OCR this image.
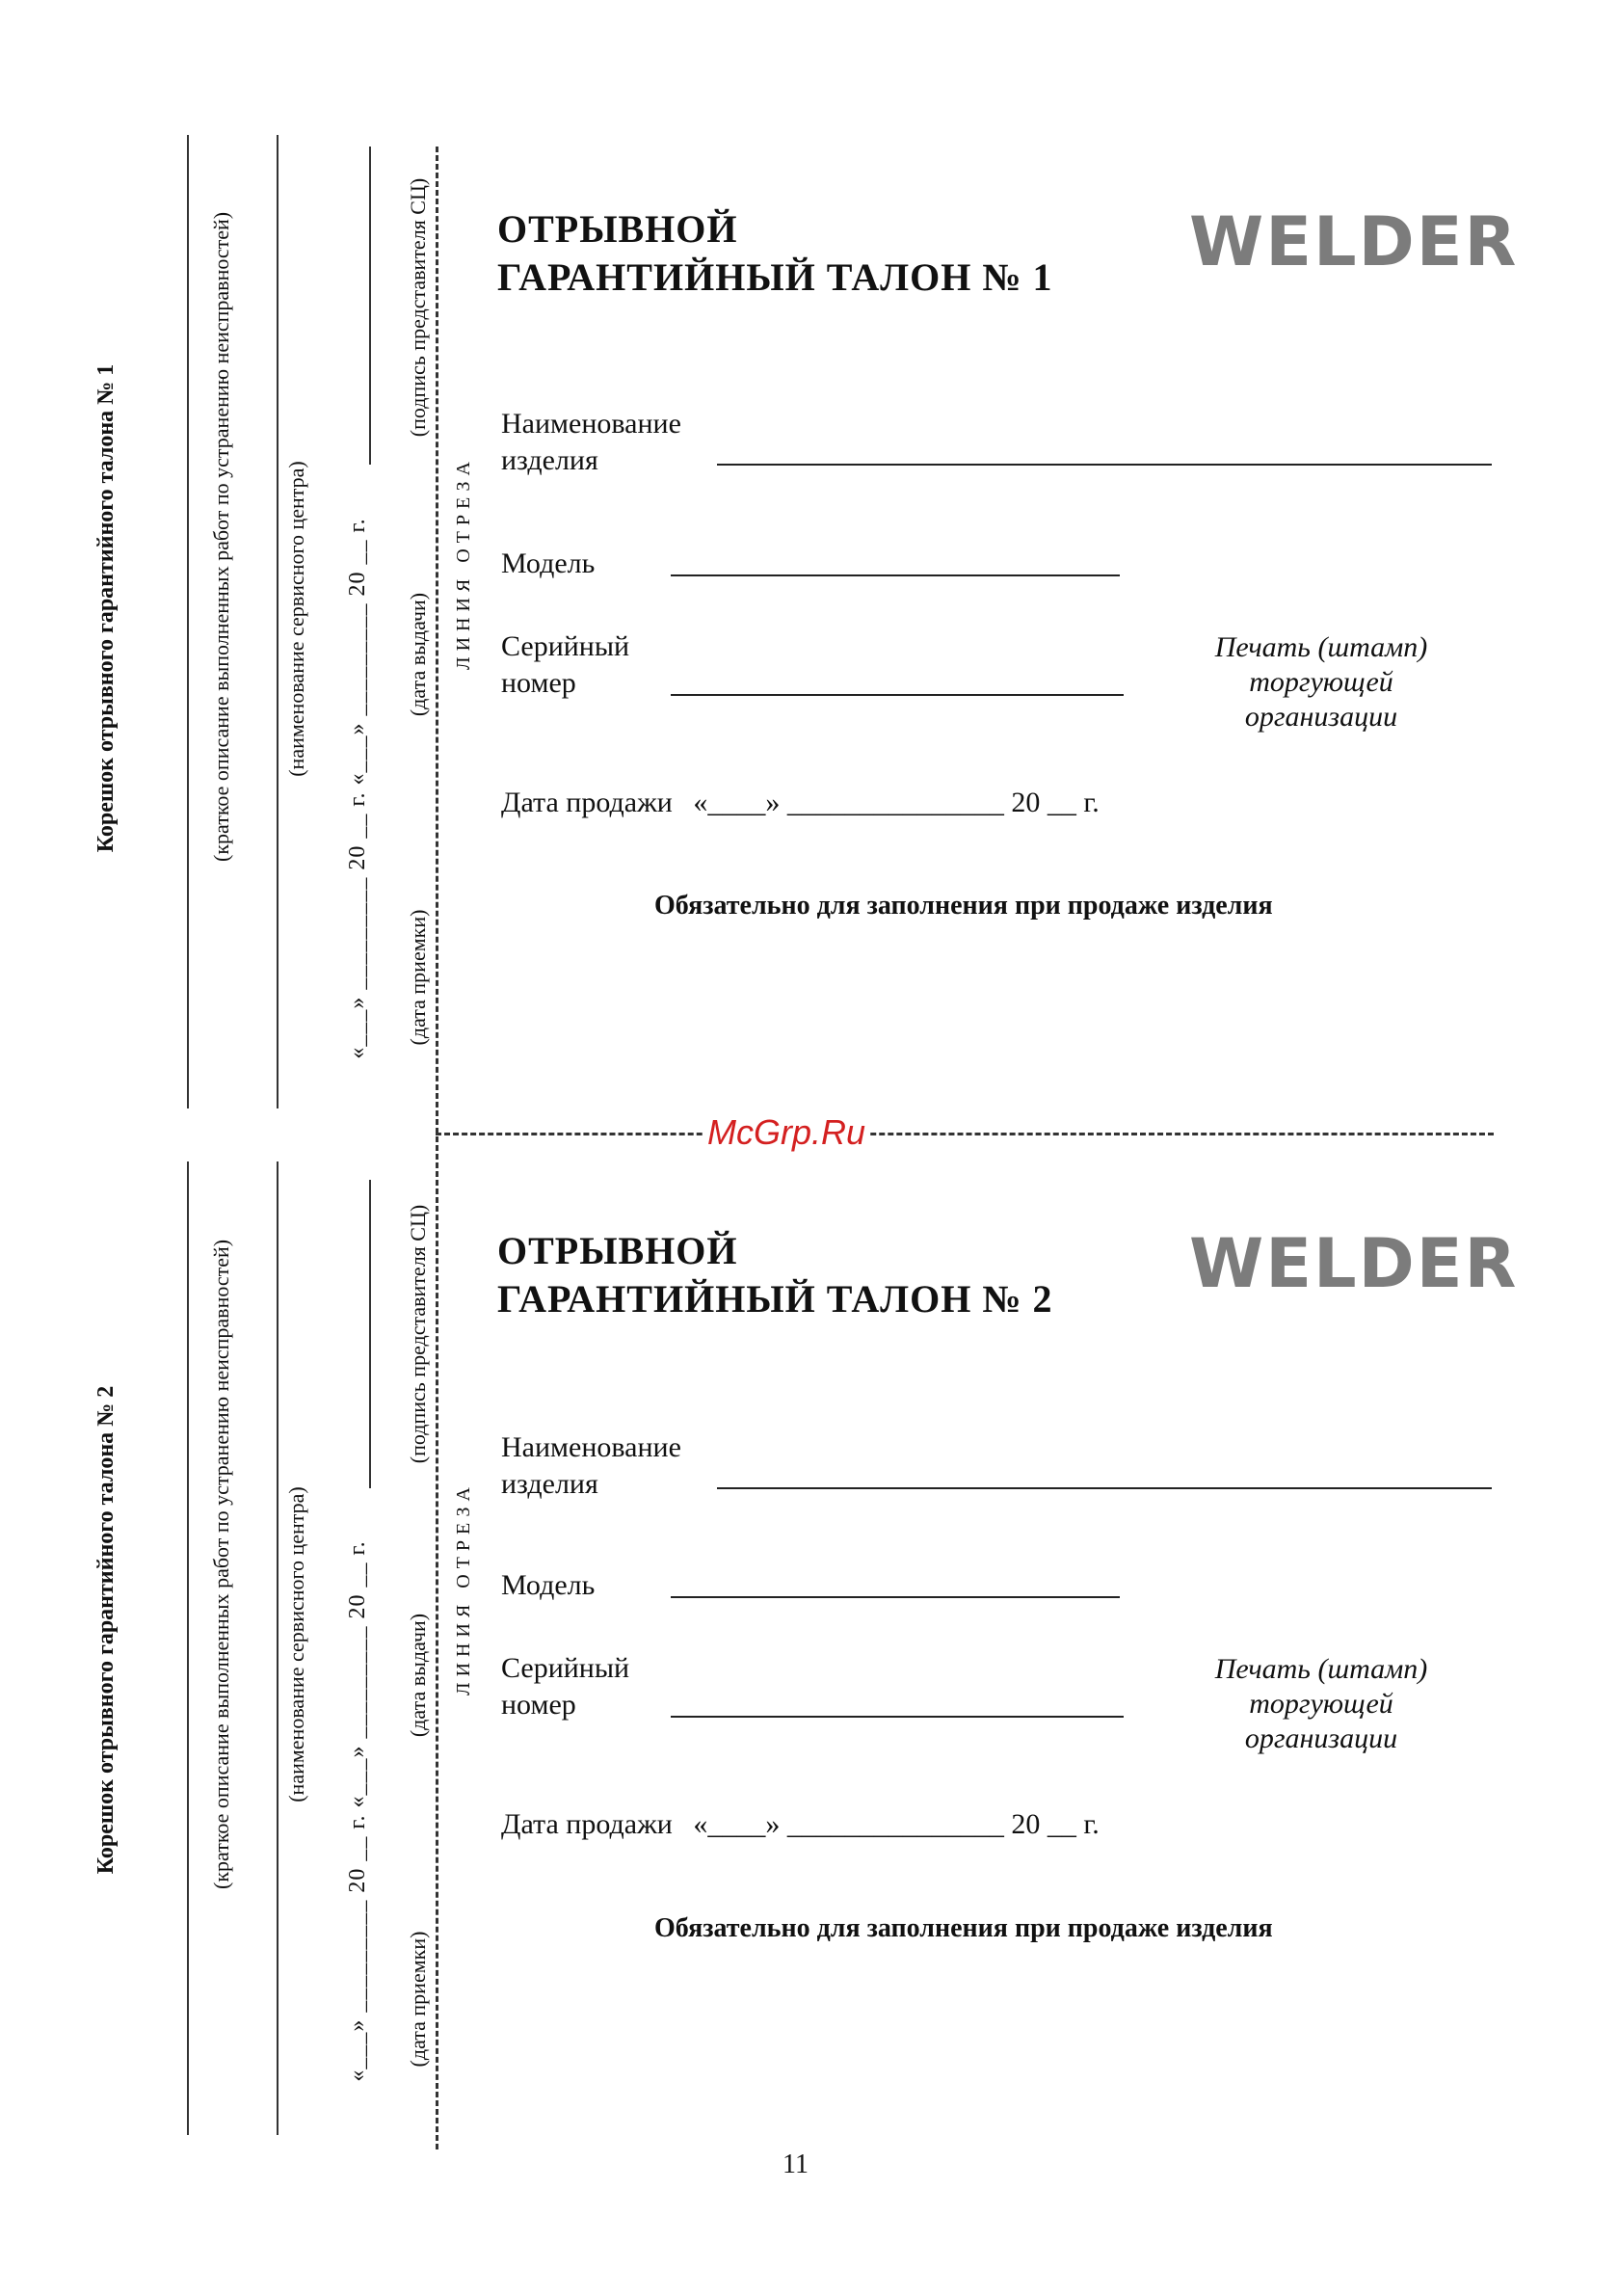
Корешок отрывного гарантийного талона № 1	(краткое описание выполненных работ по устранению неисправностей) (наименование сервисного центра) «___» _________ 20 __ г. «___» _________ 20 __ г. (дата приемки)
(дата выдачи)
(подпись представителя СЦ)
ЛИНИЯ ОТРЕЗА
ОТРЫВНОЙ
ГАРАНТИЙНЫЙ ТАЛОН № 1 WELDER
Наименование
изделия
Модель
Серийный
номер
Печать (штамп)
торгующей
организации
Дата продажи «____» _______________ 20 __ г.
Обязательно для заполнения при продаже изделия
McGrp.Ru
Корешок отрывного гарантийного талона № 2	(краткое описание выполненных работ по устранению неисправностей) (наименование сервисного центра) «___» _________ 20 __ г. «___» _________ 20 __ г. (дата приемки)
(дата выдачи)
(подпись представителя СЦ)
ЛИНИЯ ОТРЕЗА
ОТРЫВНОЙ
ГАРАНТИЙНЫЙ ТАЛОН № 2 WELDER
Наименование
изделия
Модель
Серийный
номер
Печать (штамп)
торгующей
организации
Дата продажи «____» _______________ 20 __ г.
Обязательно для заполнения при продаже изделия
11
